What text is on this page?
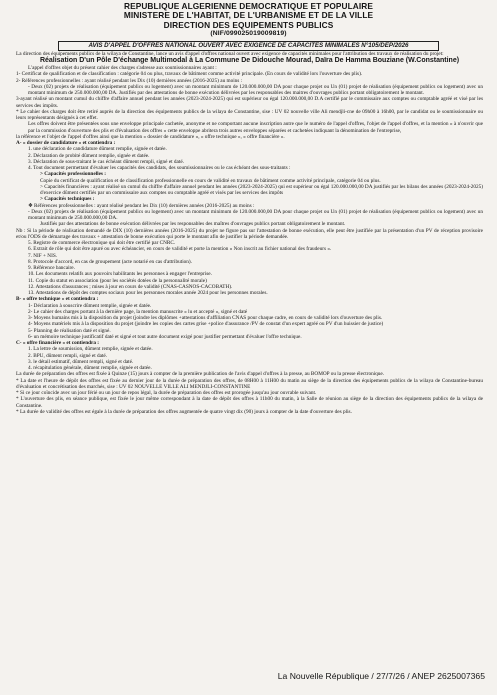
REPUBLIQUE ALGERIENNE DEMOCRATIQUE ET POPULAIRE
MINISTERE DE L'HABITAT, DE L'URBANISME ET DE LA VILLE
DIRECTION DES EQUIPEMENTS PUBLICS
(NIF/099025019009819)
AVIS D'APPEL D'OFFRES NATIONAL OUVERT AVEC EXIGENCE DE CAPACITES MINIMALES N°105/DEP/2026

La direction des équipements publics de la wilaya de Constantine, lance un avis d'appel d'offres national ouvert avec exigence de capacités minimales pour l'attribution des travaux de réalisation du projet:

Réalisation D'un Pôle D'échange Multimodal à La Commune De Didouche Mourad, Daïra De Hamma Bouziane (W.Constantine)

L'appel d'offres objet du présent cahier des charges s'adresse aux soumissionnaires ayant :

1- Certificat de qualification et de classification : catégorie 04 ou plus, travaux de bâtiment comme activité principale. (En cours de validité lors l'ouverture des plis).

2- Références professionnelles : ayant réalisé pendant les Dix (10) dernières années (2016-2025) au moins :

- Deux (02) projets de réalisation (équipement publics ou logement) avec un montant minimum de 120.000.000,00 DA pour chaque projet ou Un (01) projet de réalisation (équipement publics ou logement) avec un montant minimum de 250.000.000,00 DA. Justifiés par des attestations de bonne exécution délivrées par les responsables des maitres d'ouvrages publics portant obligatoirement le montant.

3-ayant réalisé un montant cumul du chiffre d'affaire annuel pendant les années (2023-2024-2025) qui est supérieur ou égal 120.000.000,00 D.A certifié par le commissaire aux comptes ou comptable agréé et visé par les services des impôts.

* Le cahier des charges doit être retiré auprès de la direction des équipements publics de la wilaya de Constantine, sise : UV 02 nouvelle ville Ali mendjli-cne de 09h00 à 16h00, par le candidat ou le soumissionnaire ou leurs représentants désignés à cet effet.

Les offres doivent être présentées sous une enveloppe principale cachetée, anonyme et ne comportant aucune inscription autre que le numéro de l'appel d'offres, l'objet de l'appel d'offres, et la mention « à n'ouvrir que par la commission d'ouverture des plis et d'évaluation des offres » cette enveloppe abritera trois autres enveloppes séparées et cachetées indiquant la dénomination de l'entreprise,

la référence et l'objet de l'appel d'offres ainsi que la mention « dossier de candidature », « offre technique », « offre financière ».

A- « dossier de candidature » et contiendra :

1. une déclaration de candidature dûment remplie, signée et datée.

2. Déclaration de probité dûment remplie, signée et datée.

3. Déclaration de sous-traitant le cas échéant dûment rempli, signé et daté.

4. Tout document permettant d'évaluer les capacités des candidats, des soumissionnaires ou le cas échéant des sous-traitants :

> Capacités professionnelles :

Copie du certificat de qualification et de classification professionnelle en cours de validité en travaux de bâtiment comme activité principale, catégorie 04 ou plus.

> Capacités financières : ayant réalisé un cumul du chiffre d'affaire annuel pendant les années (2023-2024-2025) qui est supérieur ou égal 120.000.000,00 DA justifiés par les bilans des années (2023-2024-2025) d'exercice dûment certifiés par un commissaire aux comptes ou comptable agréé et visés par les services des impôts

> Capacités techniques :

❖ Références professionnelles : ayant réalisé pendant les Dix (10) dernières années (2016-2025) au moins :

- Deux (02) projets de réalisation (équipement publics ou logement) avec un montant minimum de 120.000.000,00 DA pour chaque projet ou Un (01) projet de réalisation (équipement publics ou logement) avec un montant minimum de 250.000.000,00 DA.

Justifiés par des attestations de bonne exécution délivrées par les responsables des maîtres d'ouvrages publics portant obligatoirement le montant.

Nb : Si la période de réalisation demandé de DIX (10) dernières années (2016-2025) du projet ne figure pas sur l'attestation de bonne exécution, elle peut être justifiée par la présentation d'un PV de réception provisoire et/ou l'ODS de démarrage des travaux + attestation de bonne exécution qui porte le montant afin de justifier la période demandée.

5. Registre de commerce électronique qui doit être certifié par CNRC.

6. Extrait de rôle qui doit être apuré ou avec échéancier, en cours de validité et porte la mention « Non inscrit au fichier national des fraudeurs ».

7. NIF + NIS.

8. Protocole d'accord, en cas de groupement (acte notarié en cas d'attribution).

9. Référence bancaire.

10. Les documents relatifs aux pouvoirs habilitants les personnes à engager l'entreprise.

11. Copie du statut en association (pour les sociétés dotées de la personnalité morale)

12. Attestations d'assurances ; mises à jour en cours de validité (CNAS-CASNOS-CACOBATH).

13. Attestations de dépôt des comptes sociaux pour les personnes morales année 2024 pour les personnes morales.

B- « offre technique » et contiendra :

1- Déclaration à souscrire dûment remplie, signée et datée.

2- Le cahier des charges portant à la dernière page, la mention manuscrite « lu et accepté », signé et daté

3- Moyens humains mis à la disposition du projet (joindre les diplômes +attestations d'affiliation CNAS pour chaque cadre, en cours de validité lors d'ouverture des plis.

4- Moyens matériels mis à la disposition du projet (joindre les copies des cartes grise +police d'assurance /PV de constat d'un expert agréé ou PV d'un huissier de justice)

5- Planning de réalisation daté et signé.

6- un mémoire technique justificatif daté et signé et tout autre document exigé pour justifier permettant d'évaluer l'offre technique.

C- « offre financière » et contiendra :

1. La lettre de soumission, dûment remplie, signée et datée.

2. BPU, dûment rempli, signé et daté.

3. le détail estimatif, dûment rempli, signé et daté.

4. récapitulation générale, dûment remplie, signée et datée.

La durée de préparation des offres est fixée à Quinze (15) jours à compter de la première publication de l'avis d'appel d'offres à la presse, au BOMOP ou la presse électronique.

* La date et l'heure de dépôt des offres est fixée au dernier jour de la durée de préparation des offres, de 08H00 à 11H00 du matin au siège de la direction des équipements publics de la wilaya de Constantine-bureau d'évaluation et concrétisation des marchés, sise : UV 02 NOUVELLE VILLE ALI MENDJLI-CONSTANTINE

* Si ce jour coïncide avec un jour férié ou un jour de repos légal, la durée de préparation des offres est prorogée jusqu'au jour ouvrable suivant.

* L'ouverture des plis, en séance publique, est fixée le jour même correspondant à la date de dépôt des offres à 11h00 du matin, à la Salle de réunion au siège de la direction des équipements publics de la wilaya de Constantine.

* La durée de validité des offres est égale à la durée de préparation des offres augmentée de quatre vingt dix (90) jours à compter de la date d'ouverture des plis.

La Nouvelle République / 27/7/26 / ANEP 2625007365
